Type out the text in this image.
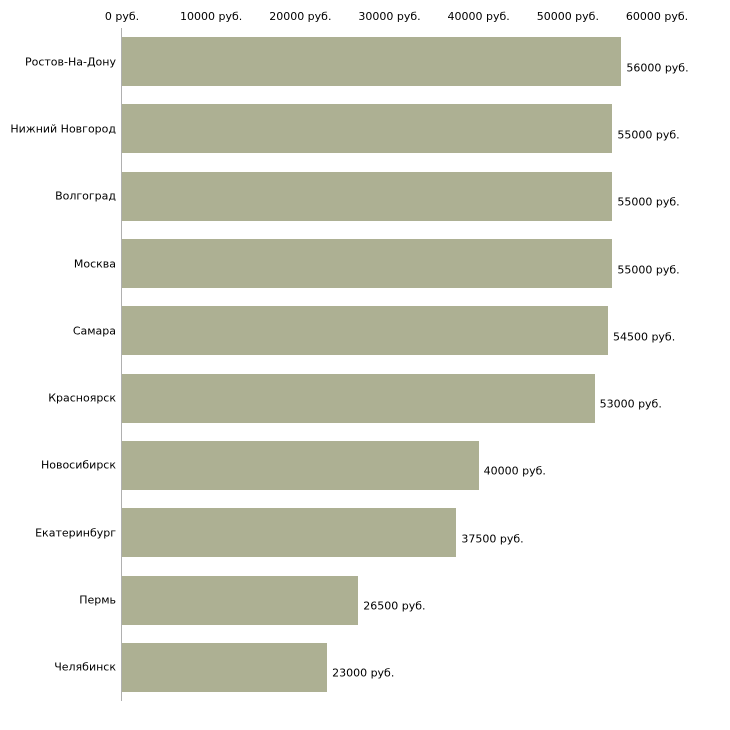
0 руб.	10000 руб. 20000 руб. 30000 руб. 40000 руб. 50000 руб. 60000 руб.
Ростов-На-Дону
Нижний Новгород
Волгоград
Москва
Самара
Красноярск
Новосибирск
Екатеринбург
Пермь
Челябинск
56000 руб.
55000 руб.
55000 руб.
55000 руб.
54500 руб.
53000 руб.
40000 руб.
37500 руб.
26500 руб.
23000 руб.
